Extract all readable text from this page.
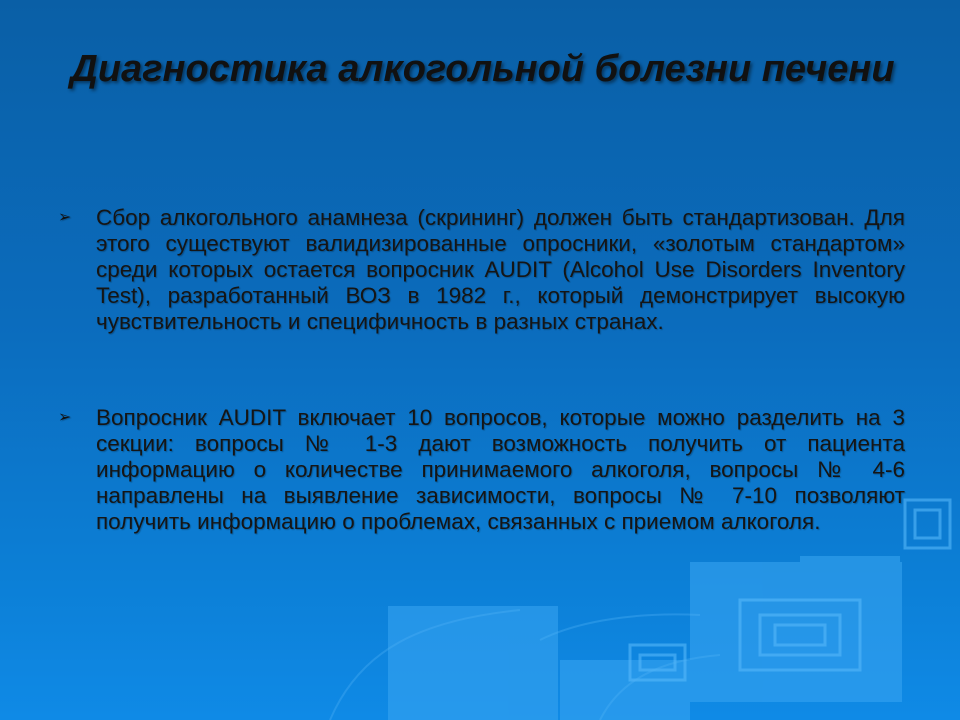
Диагностика алкогольной болезни печени
➢ Сбор алкогольного анамнеза (скрининг) должен быть стандартизован. Для этого существуют валидизированные опросники, «золотым стандартом» среди которых остается вопросник AUDIT (Alcohol Use Disorders Inventory Test), разработанный ВОЗ в 1982 г., который демонстрирует высокую чувствительность и специфичность в разных странах.
➢ Вопросник AUDIT включает 10 вопросов, которые можно разделить на 3 секции: вопросы № 1-3 дают возможность получить от пациента информацию о количестве принимаемого алкоголя, вопросы № 4-6 направлены на выявление зависимости, вопросы № 7-10 позволяют получить информацию о проблемах, связанных с приемом алкоголя.
